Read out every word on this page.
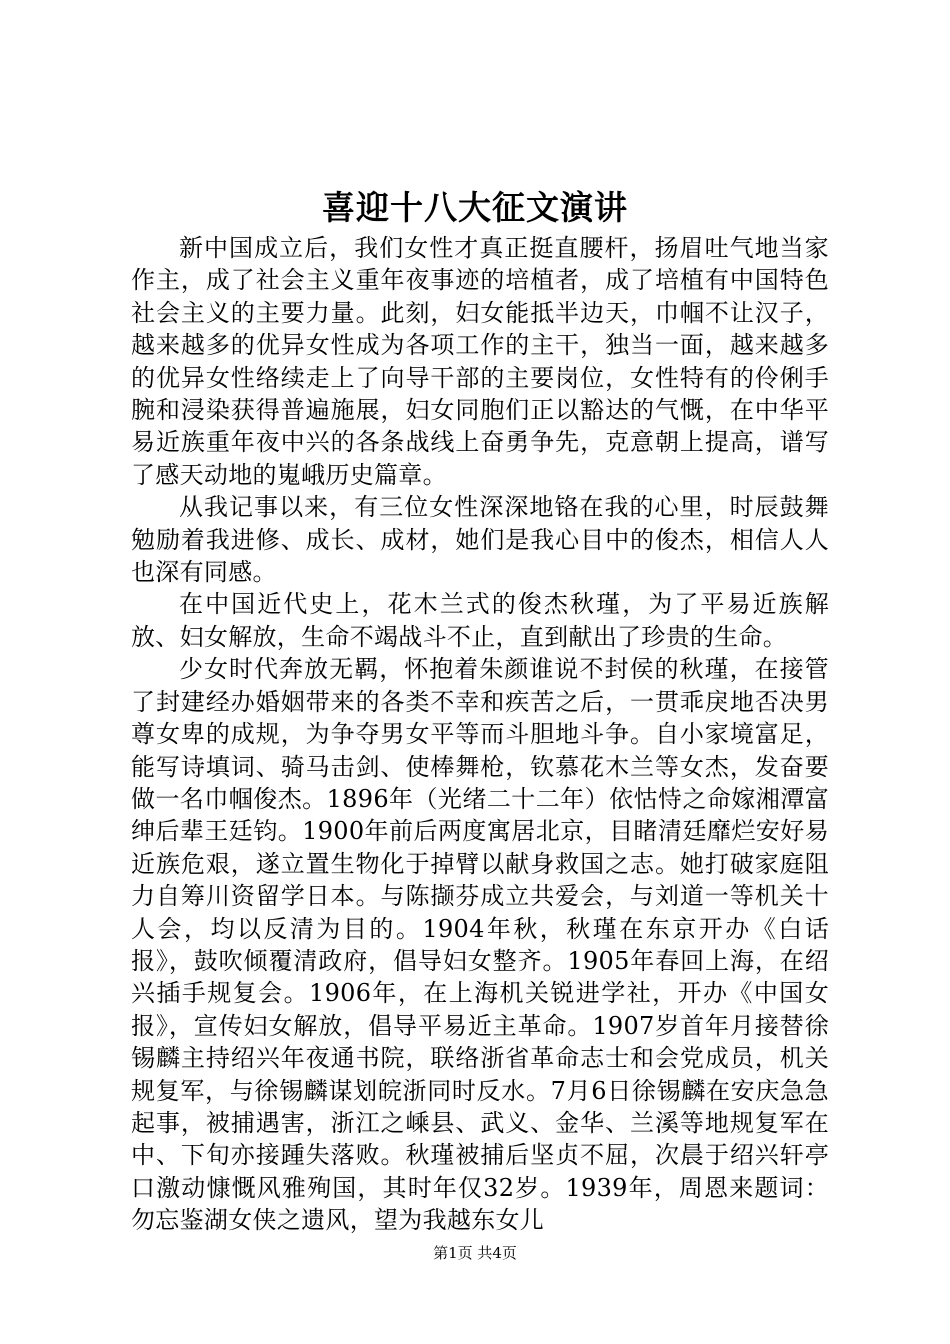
喜迎十八大征文演讲

新中国成立后，我们女性才真正挺直腰杆，扬眉吐气地当家作主，成了社会主义重年夜事迹的培植者，成了培植有中国特色社会主义的主要力量。此刻，妇女能抵半边天，巾帼不让汉子，越来越多的优异女性成为各项工作的主干，独当一面，越来越多的优异女性络续走上了向导干部的主要岗位，女性特有的伶俐手腕和浸染获得普遍施展，妇女同胞们正以豁达的气慨，在中华平易近族重年夜中兴的各条战线上奋勇争先，克意朝上提高，谱写了感天动地的嵬峨历史篇章。

从我记事以来，有三位女性深深地铬在我的心里，时辰鼓舞勉励着我进修、成长、成材，她们是我心目中的俊杰，相信人人也深有同感。

在中国近代史上，花木兰式的俊杰秋瑾，为了平易近族解放、妇女解放，生命不竭战斗不止，直到献出了珍贵的生命。

少女时代奔放无羁，怀抱着朱颜谁说不封侯的秋瑾，在接管了封建经办婚姻带来的各类不幸和疾苦之后，一贯乖戾地否决男尊女卑的成规，为争夺男女平等而斗胆地斗争。自小家境富足，能写诗填词、骑马击剑、使棒舞枪，钦慕花木兰等女杰，发奋要做一名巾帼俊杰。1896年（光绪二十二年）依怙恃之命嫁湘潭富绅后辈王廷钧。1900年前后两度寓居北京，目睹清廷靡烂安好易近族危艰，遂立置生物化于掉臂以献身救国之志。她打破家庭阻力自筹川资留学日本。与陈撷芬成立共爱会，与刘道一等机关十人会，均以反清为目的。1904年秋，秋瑾在东京开办《白话报》，鼓吹倾覆清政府，倡导妇女整齐。1905年春回上海，在绍兴插手规复会。1906年，在上海机关锐进学社，开办《中国女报》，宣传妇女解放，倡导平易近主革命。1907岁首年月接替徐锡麟主持绍兴年夜通书院，联络浙省革命志士和会党成员，机关规复军，与徐锡麟谋划皖浙同时反水。7月6日徐锡麟在安庆急急起事，被捕遇害，浙江之嵊县、武义、金华、兰溪等地规复军在中、下旬亦接踵失落败。秋瑾被捕后坚贞不屈，次晨于绍兴轩亭口激动慷慨风雅殉国，其时年仅32岁。1939年，周恩来题词：勿忘鉴湖女侠之遗风，望为我越东女儿

第1页 共4页
